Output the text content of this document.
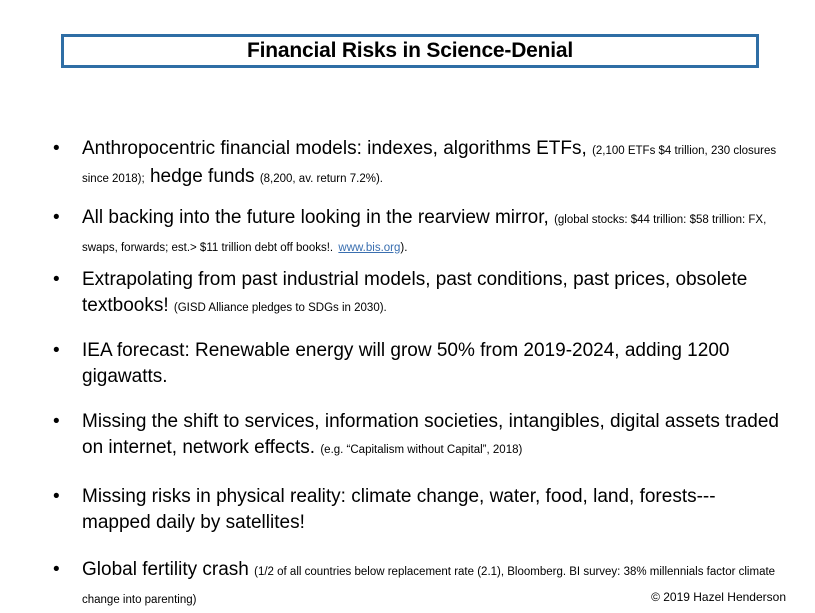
Financial Risks in Science-Denial
• Anthropocentric financial models: indexes, algorithms ETFs, (2,100 ETFs $4 trillion, 230 closures since 2018); hedge funds (8,200, av. return 7.2%).
• All backing into the future looking in the rearview mirror, (global stocks: $44 trillion: $58 trillion: FX, swaps, forwards; est.> $11 trillion debt off books!. www.bis.org).
• Extrapolating from past industrial models, past conditions, past prices, obsolete textbooks! (GISD Alliance pledges to SDGs in 2030).
• IEA forecast: Renewable energy will grow 50% from 2019-2024, adding 1200 gigawatts.
• Missing the shift to services, information societies, intangibles, digital assets traded on internet, network effects. (e.g. “Capitalism without Capital”, 2018)
• Missing risks in physical reality: climate change, water, food, land, forests--- mapped daily by satellites!
• Global fertility crash (1/2 of all countries below replacement rate (2.1), Bloomberg. BI survey: 38% millennials factor climate change into parenting)	© 2019 Hazel Henderson
